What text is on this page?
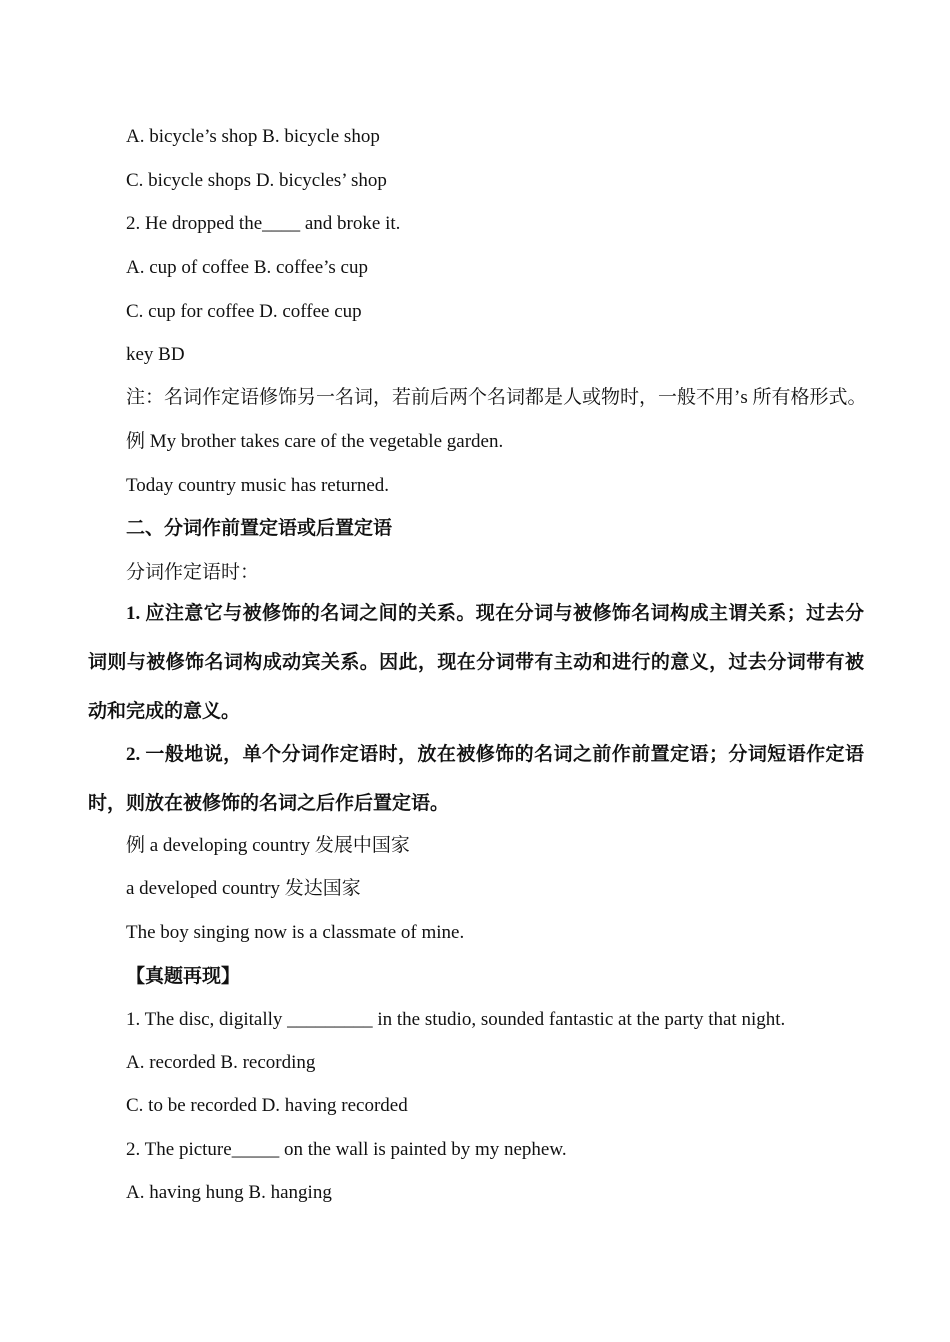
A. bicycle’s shop B. bicycle shop
C. bicycle shops D. bicycles’ shop
2. He dropped the____ and broke it.
A. cup of coffee B. coffee’s cup
C. cup for coffee D. coffee cup
key BD
注：名词作定语修饰另一名词，若前后两个名词都是人或物时，一般不用’s 所有格形式。
例 My brother takes care of the vegetable garden.
Today country music has returned.
二、分词作前置定语或后置定语
分词作定语时：
1. 应注意它与被修饰的名词之间的关系。现在分词与被修饰名词构成主谓关系；过去分词则与被修饰名词构成动宾关系。因此，现在分词带有主动和进行的意义，过去分词带有被动和完成的意义。
2. 一般地说，单个分词作定语时，放在被修饰的名词之前作前置定语；分词短语作定语时，则放在被修饰的名词之后作后置定语。
例 a developing country 发展中国家
a developed country 发达国家
The boy singing now is a classmate of mine.
【真题再现】
1. The disc, digitally _________ in the studio, sounded fantastic at the party that night.
A. recorded B. recording
C. to be recorded D. having recorded
2. The picture_____ on the wall is painted by my nephew.
A. having hung B. hanging
